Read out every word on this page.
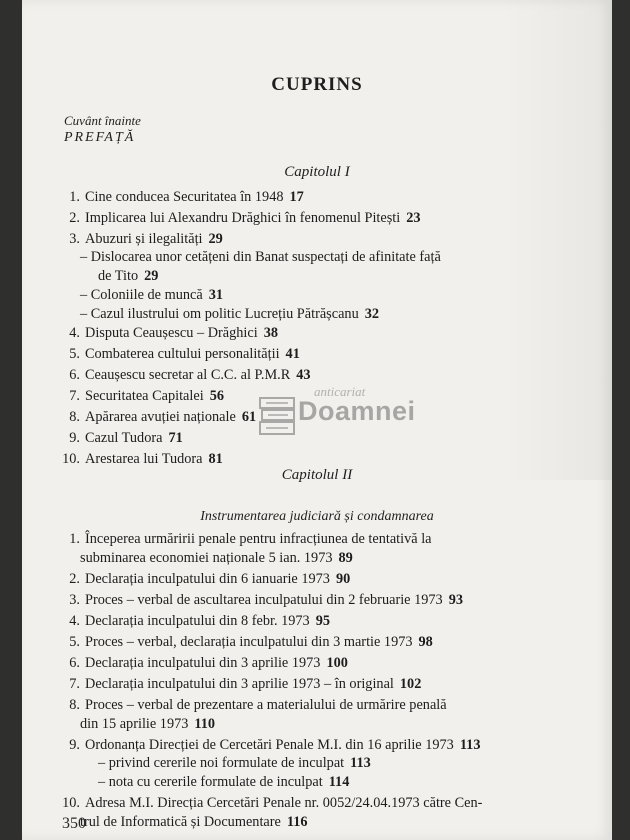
CUPRINS
Cuvânt înainte
PREFAȚĂ
Capitolul I
1. Cine conducea Securitatea în 1948 17
2. Implicarea lui Alexandru Drăghici în fenomenul Pitești 23
3. Abuzuri și ilegalități 29
– Dislocarea unor cetățeni din Banat suspectați de afinitate față
de Tito 29
– Coloniile de muncă 31
– Cazul ilustrului om politic Lucrețiu Pătrășcanu 32
4. Disputa Ceaușescu – Drăghici 38
5. Combaterea cultului personalității 41
6. Ceaușescu secretar al C.C. al P.M.R 43
7. Securitatea Capitalei 56
8. Apărarea avuției naționale 61
9. Cazul Tudora 71
10. Arestarea lui Tudora 81
anticariat
Doamnei
Capitolul II
Instrumentarea judiciară și condamnarea
1. Începerea urmăririi penale pentru infracțiunea de tentativă la
subminarea economiei naționale 5 ian. 1973 89
2. Declarația inculpatului din 6 ianuarie 1973 90
3. Proces – verbal de ascultarea inculpatului din 2 februarie 1973 93
4. Declarația inculpatului din 8 febr. 1973 95
5. Proces – verbal, declarația inculpatului din 3 martie 1973 98
6. Declarația inculpatului din 3 aprilie 1973 100
7. Declarația inculpatului din 3 aprilie 1973 – în original 102
8. Proces – verbal de prezentare a materialului de urmărire penală
din 15 aprilie 1973 110
9. Ordonanța Direcției de Cercetări Penale M.I. din 16 aprilie 1973 113
– privind cererile noi formulate de inculpat 113
– nota cu cererile formulate de inculpat 114
10. Adresa M.I. Direcția Cercetări Penale nr. 0052/24.04.1973 către Cen-
trul de Informatică și Documentare 116
350
